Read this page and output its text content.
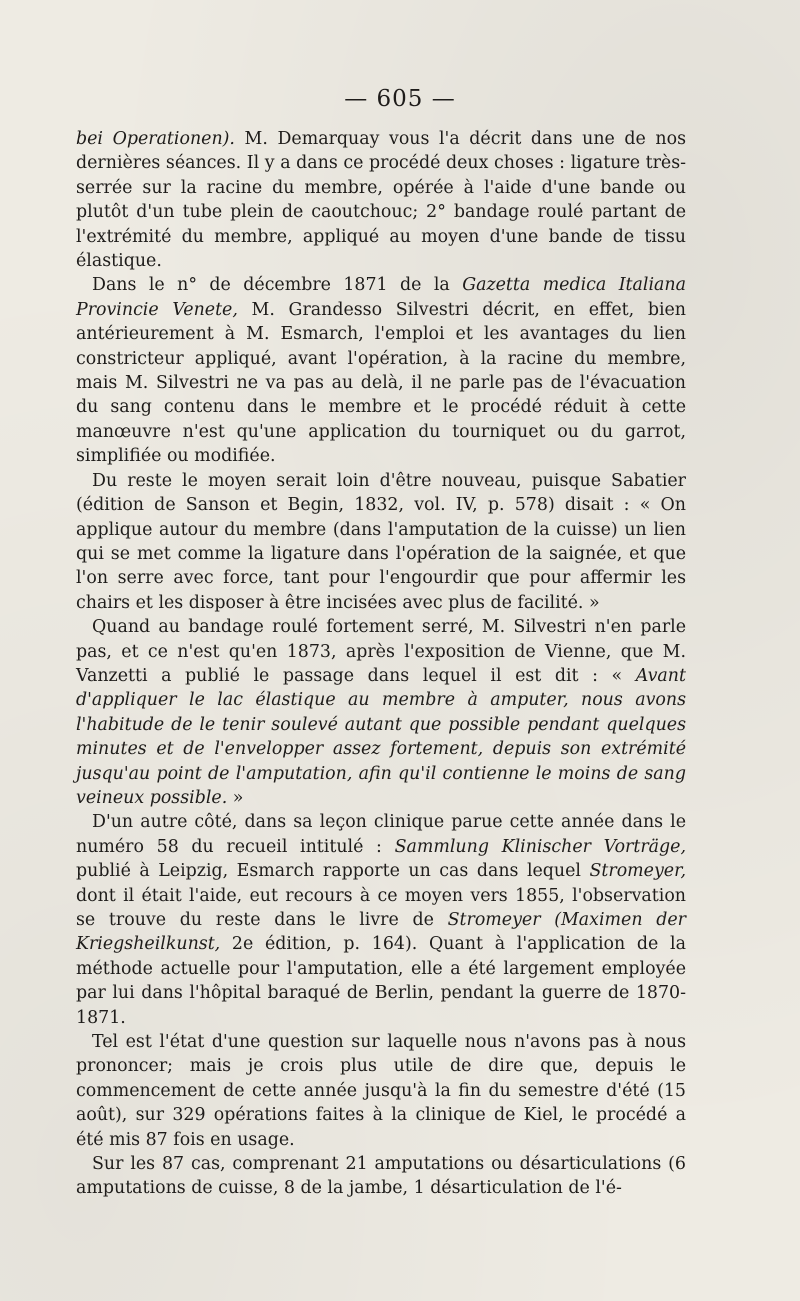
— 605 —

bei Operationen). M. Demarquay vous l'a décrit dans une de nos dernières séances. Il y a dans ce procédé deux choses : ligature très-serrée sur la racine du membre, opérée à l'aide d'une bande ou plutôt d'un tube plein de caoutchouc; 2° bandage roulé partant de l'extrémité du membre, appliqué au moyen d'une bande de tissu élastique.

Dans le n° de décembre 1871 de la Gazetta medica Italiana Provincie Venete, M. Grandesso Silvestri décrit, en effet, bien antérieurement à M. Esmarch, l'emploi et les avantages du lien constricteur appliqué, avant l'opération, à la racine du membre, mais M. Silvestri ne va pas au delà, il ne parle pas de l'évacuation du sang contenu dans le membre et le procédé réduit à cette manœuvre n'est qu'une application du tourniquet ou du garrot, simplifiée ou modifiée.

Du reste le moyen serait loin d'être nouveau, puisque Sabatier (édition de Sanson et Begin, 1832, vol. IV, p. 578) disait : « On applique autour du membre (dans l'amputation de la cuisse) un lien qui se met comme la ligature dans l'opération de la saignée, et que l'on serre avec force, tant pour l'engourdir que pour affermir les chairs et les disposer à être incisées avec plus de facilité. »

Quand au bandage roulé fortement serré, M. Silvestri n'en parle pas, et ce n'est qu'en 1873, après l'exposition de Vienne, que M. Vanzetti a publié le passage dans lequel il est dit : « Avant d'appliquer le lac élastique au membre à amputer, nous avons l'habitude de le tenir soulevé autant que possible pendant quelques minutes et de l'envelopper assez fortement, depuis son extrémité jusqu'au point de l'amputation, afin qu'il contienne le moins de sang veineux possible. »

D'un autre côté, dans sa leçon clinique parue cette année dans le numéro 58 du recueil intitulé : Sammlung Klinischer Vorträge, publié à Leipzig, Esmarch rapporte un cas dans lequel Stromeyer, dont il était l'aide, eut recours à ce moyen vers 1855, l'observation se trouve du reste dans le livre de Stromeyer (Maximen der Kriegsheilkunst, 2e édition, p. 164). Quant à l'application de la méthode actuelle pour l'amputation, elle a été largement employée par lui dans l'hôpital baraqué de Berlin, pendant la guerre de 1870-1871.

Tel est l'état d'une question sur laquelle nous n'avons pas à nous prononcer; mais je crois plus utile de dire que, depuis le commencement de cette année jusqu'à la fin du semestre d'été (15 août), sur 329 opérations faites à la clinique de Kiel, le procédé a été mis 87 fois en usage.

Sur les 87 cas, comprenant 21 amputations ou désarticulations (6 amputations de cuisse, 8 de la jambe, 1 désarticulation de l'é-
